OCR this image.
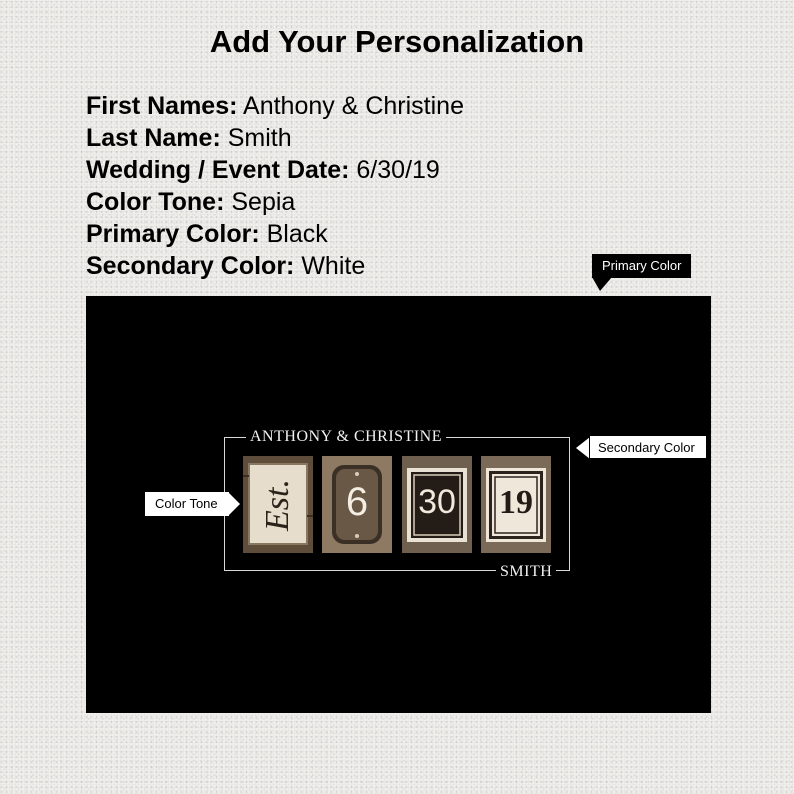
Add Your Personalization
First Names: Anthony & Christine
Last Name: Smith
Wedding / Event Date: 6/30/19
Color Tone: Sepia
Primary Color: Black
Secondary Color: White	Primary Color
ANTHONY & CHRISTINE
SMITH
Est.	6	30	19
Secondary Color
Color Tone
